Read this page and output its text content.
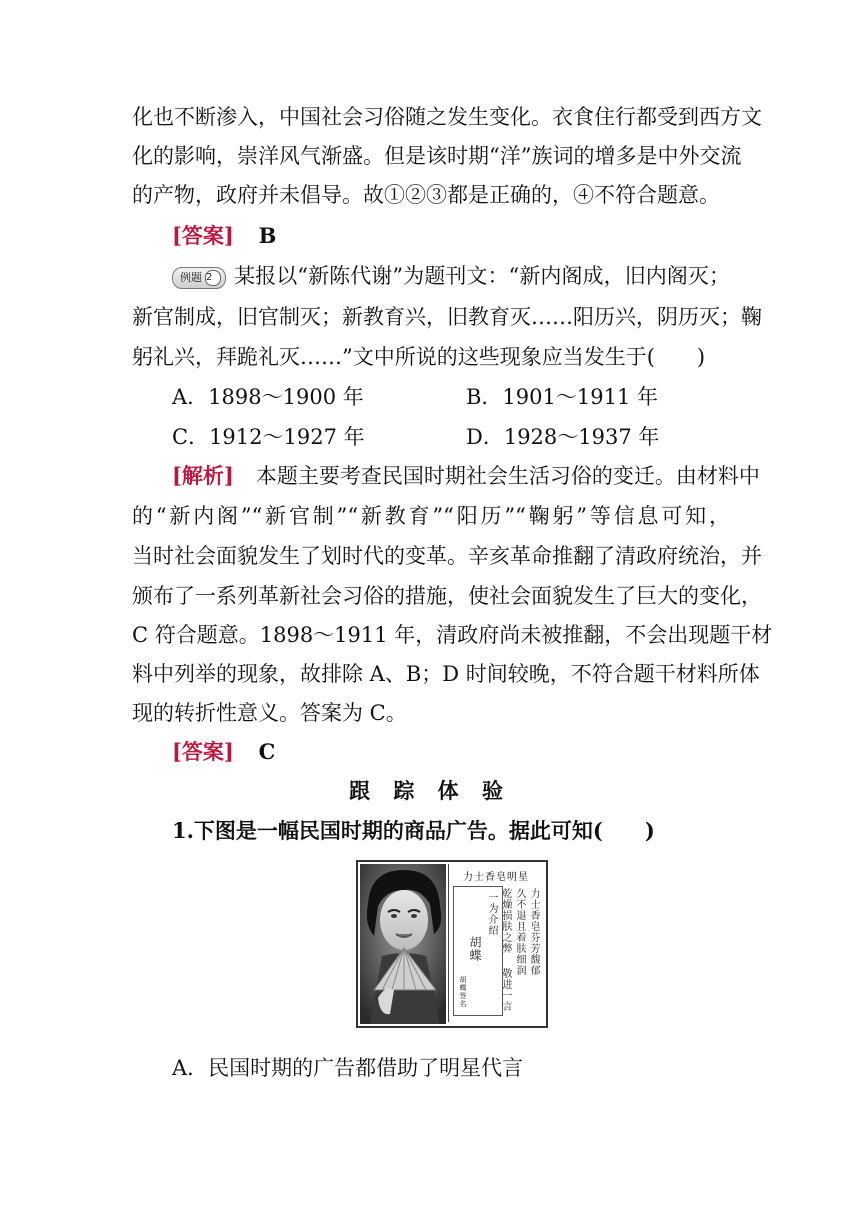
化也不断渗入，中国社会习俗随之发生变化。衣食住行都受到西方文
化的影响，崇洋风气渐盛。但是该时期“洋”族词的增多是中外交流
的产物，政府并未倡导。故①②③都是正确的，④不符合题意。
[答案] B
例题 2 某报以“新陈代谢”为题刊文：“新内阁成，旧内阁灭；
新官制成，旧官制灭；新教育兴，旧教育灭……阳历兴，阴历灭；鞠
躬礼兴，拜跪礼灭……”文中所说的这些现象应当发生于(　　)
A．1898～1900 年	B．1901～1911 年
C．1912～1927 年	D．1928～1937 年
[解析] 本题主要考查民国时期社会生活习俗的变迁。由材料中
的“新内阁”“新官制”“新教育”“阳历”“鞠躬”等信息可知，
当时社会面貌发生了划时代的变革。辛亥革命推翻了清政府统治，并
颁布了一系列革新社会习俗的措施，使社会面貌发生了巨大的变化，
C 符合题意。1898～1911 年，清政府尚未被推翻，不会出现题干材
料中列举的现象，故排除 A、B；D 时间较晚，不符合题干材料所体
现的转折性意义。答案为 C。
[答案] C
跟 踪 体 验
1.下图是一幅民国时期的商品广告。据此可知(　　)
力士香皂明星
力士香皂芬芳馥郁
久不退且着肤细润
乾燥损肤之弊
敬进一言
一为介绍
胡蝶
胡蝶签名
A．民国时期的广告都借助了明星代言
